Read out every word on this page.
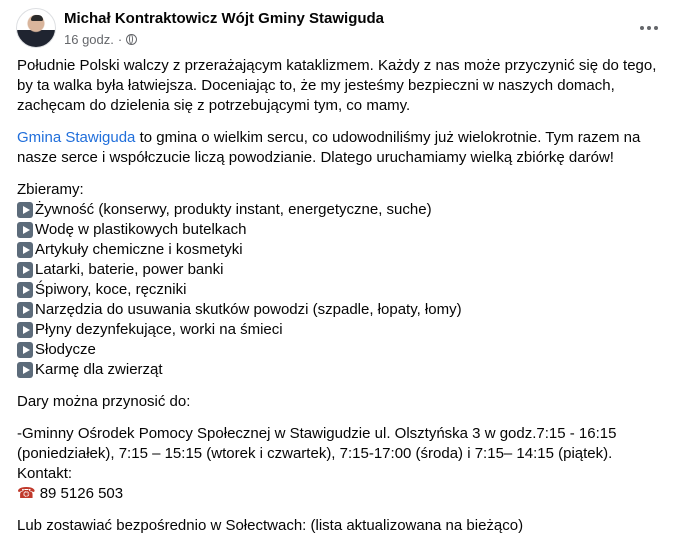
Michał Kontraktowicz Wójt Gminy Stawiguda
16 godz. ·

Południe Polski walczy z przerażającym kataklizmem. Każdy z nas może przyczynić się do tego, by ta walka była łatwiejsza. Doceniając to, że my jesteśmy bezpieczni w naszych domach, zachęcam do dzielenia się z potrzebującymi tym, co mamy.

Gmina Stawiguda to gmina o wielkim sercu, co udowodniliśmy już wielokrotnie. Tym razem na nasze serce i współczucie liczą powodzianie. Dlatego uruchamiamy wielką zbiórkę darów!

Zbieramy:
Żywność (konserwy, produkty instant, energetyczne, suche)
Wodę w plastikowych butelkach
Artykuły chemiczne i kosmetyki
Latarki, baterie, power banki
Śpiwory, koce, ręczniki
Narzędzia do usuwania skutków powodzi (szpadle, łopaty, łomy)
Płyny dezynfekujące, worki na śmieci
Słodycze
Karmę dla zwierząt

Dary można przynosić do:

-Gminny Ośrodek Pomocy Społecznej w Stawigudzie ul. Olsztyńska 3 w godz.7:15 - 16:15 (poniedziałek), 7:15 – 15:15 (wtorek i czwartek), 7:15-17:00 (środa) i 7:15– 14:15 (piątek). Kontakt:
☎ 89 5126 503

Lub zostawiać bezpośrednio w Sołectwach: (lista aktualizowana na bieżąco)
